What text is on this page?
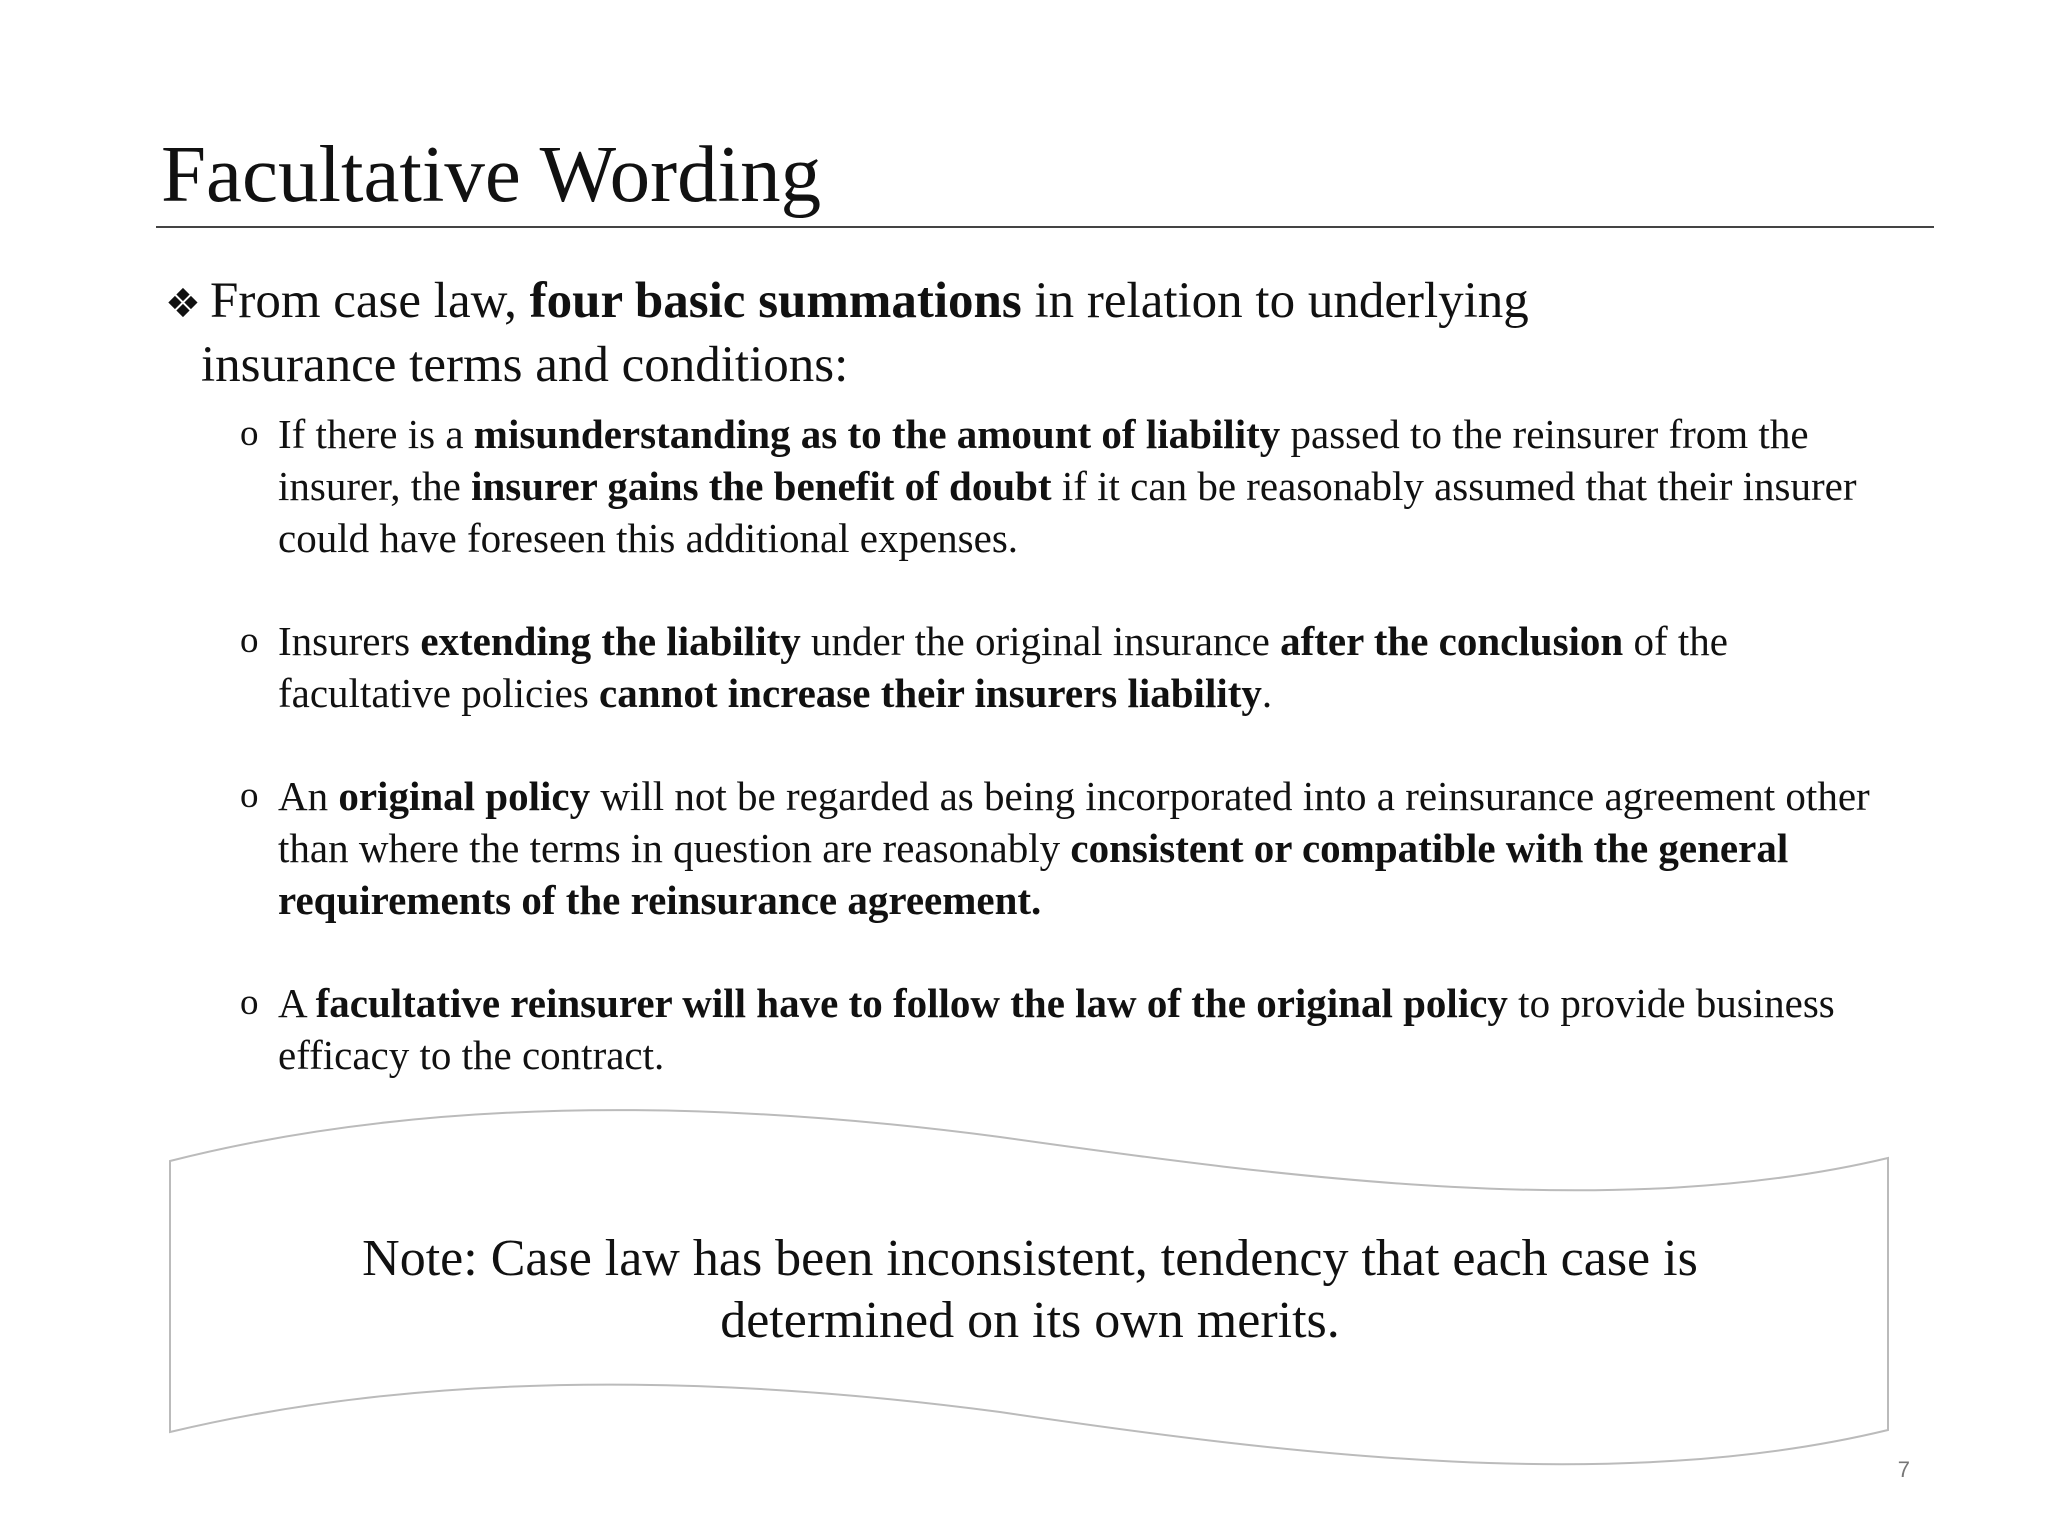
Facultative Wording
❖ From case law, four basic summations in relation to underlying
insurance terms and conditions:
o If there is a misunderstanding as to the amount of liability passed to the reinsurer from the insurer, the insurer gains the benefit of doubt if it can be reasonably assumed that their insurer could have foreseen this additional expenses.
o Insurers extending the liability under the original insurance after the conclusion of the facultative policies cannot increase their insurers liability.
o An original policy will not be regarded as being incorporated into a reinsurance agreement other than where the terms in question are reasonably consistent or compatible with the general requirements of the reinsurance agreement.
o A facultative reinsurer will have to follow the law of the original policy to provide business efficacy to the contract.
Note: Case law has been inconsistent, tendency that each case is
determined on its own merits.
7
